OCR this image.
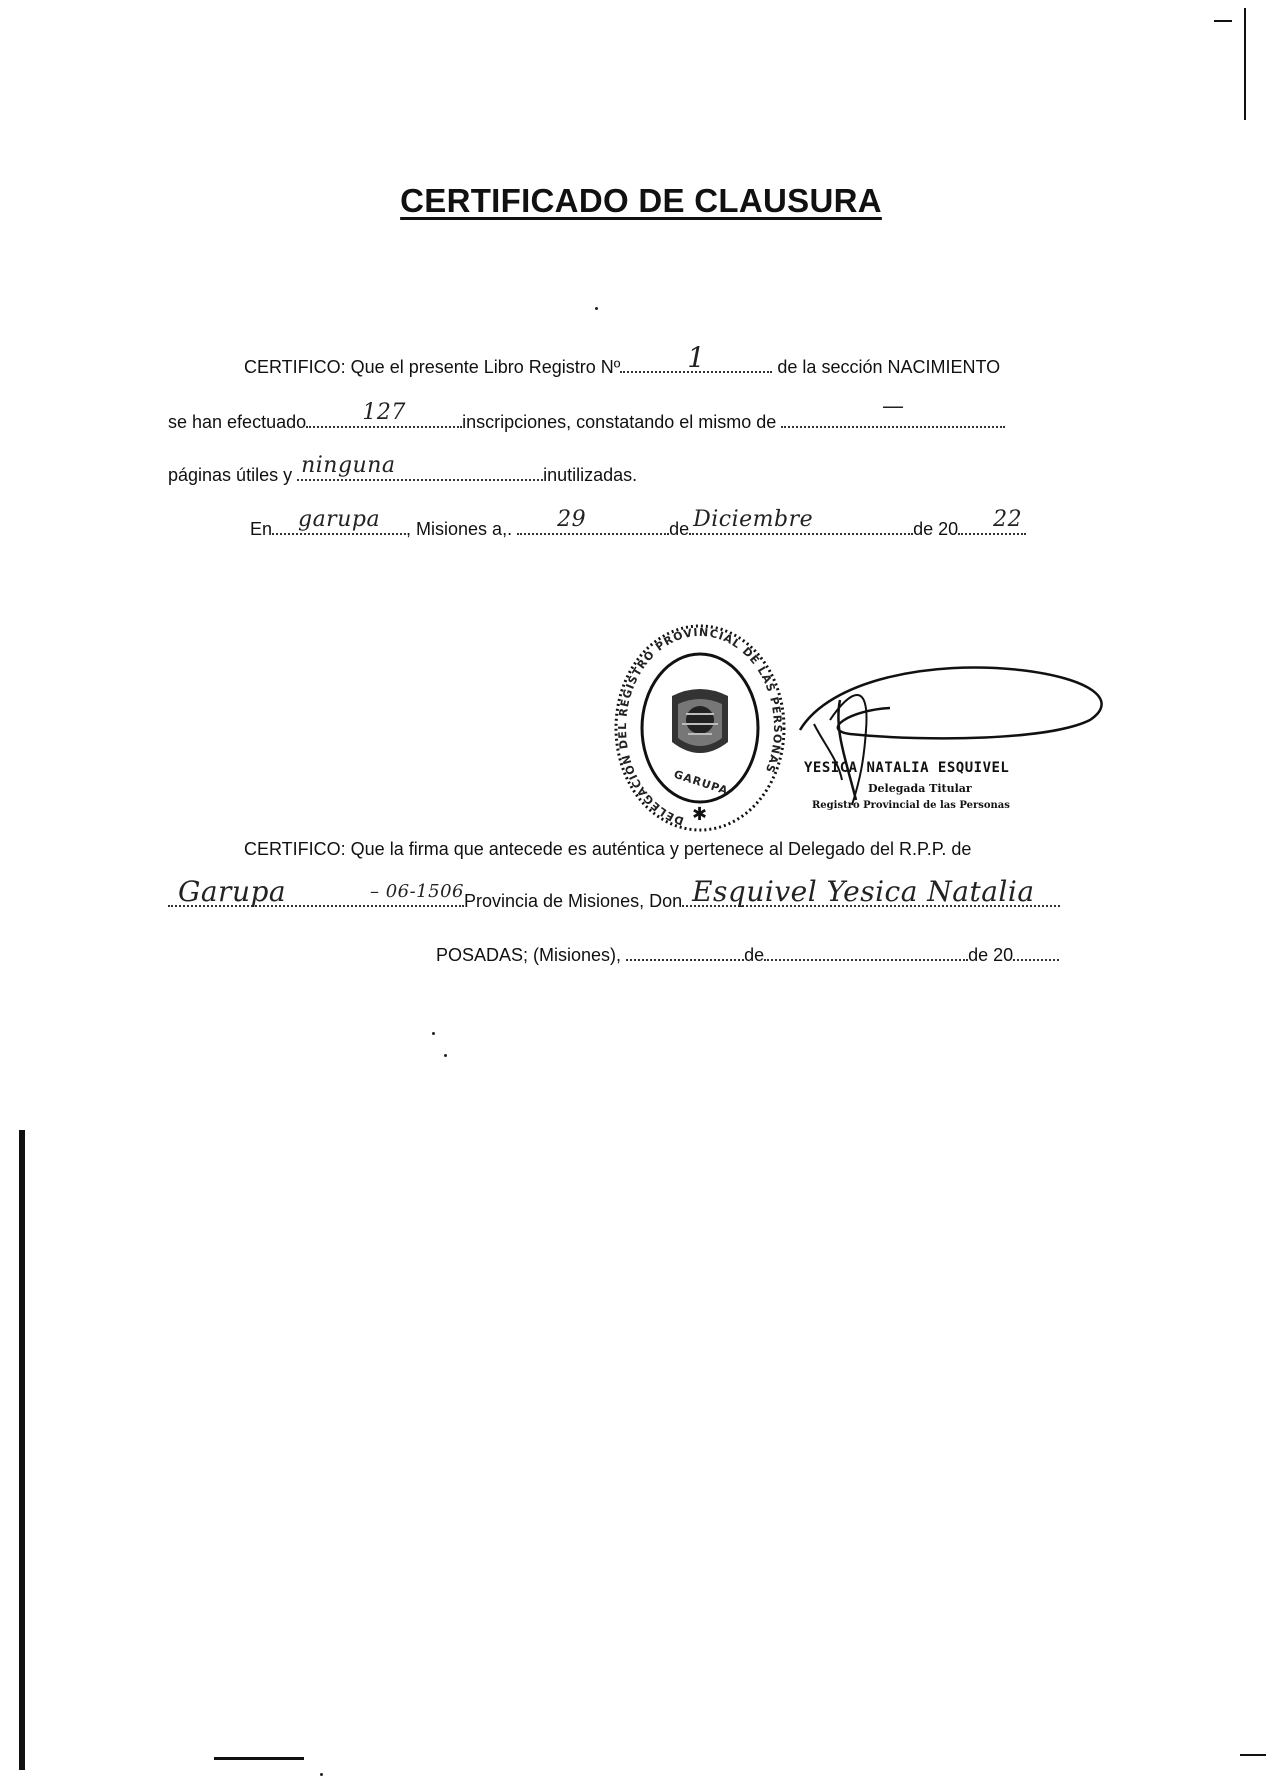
CERTIFICADO DE CLAUSURA
CERTIFICO: Que el presente Libro Registro Nº	1	de la sección NACIMIENTO
se han efectuado	127	inscripciones, constatando el mismo de
—
páginas útiles y ninguna	inutilizadas.
En	garupa	, Misiones a,. 29	de Diciembre	de 20 22
DELEGACION DEL REGISTRO PROVINCIAL DE LAS PERSONAS
GARUPA
✱
YESICA NATALIA ESQUIVEL
Delegada Titular
Registro Provincial de las Personas
CERTIFICO: Que la firma que antecede es auténtica y pertenece al Delegado del R.P.P. de
Garupa	– 06-1506 Provincia de Misiones, Don Esquivel Yesica Natalia
POSADAS; (Misiones),	de	de 20
